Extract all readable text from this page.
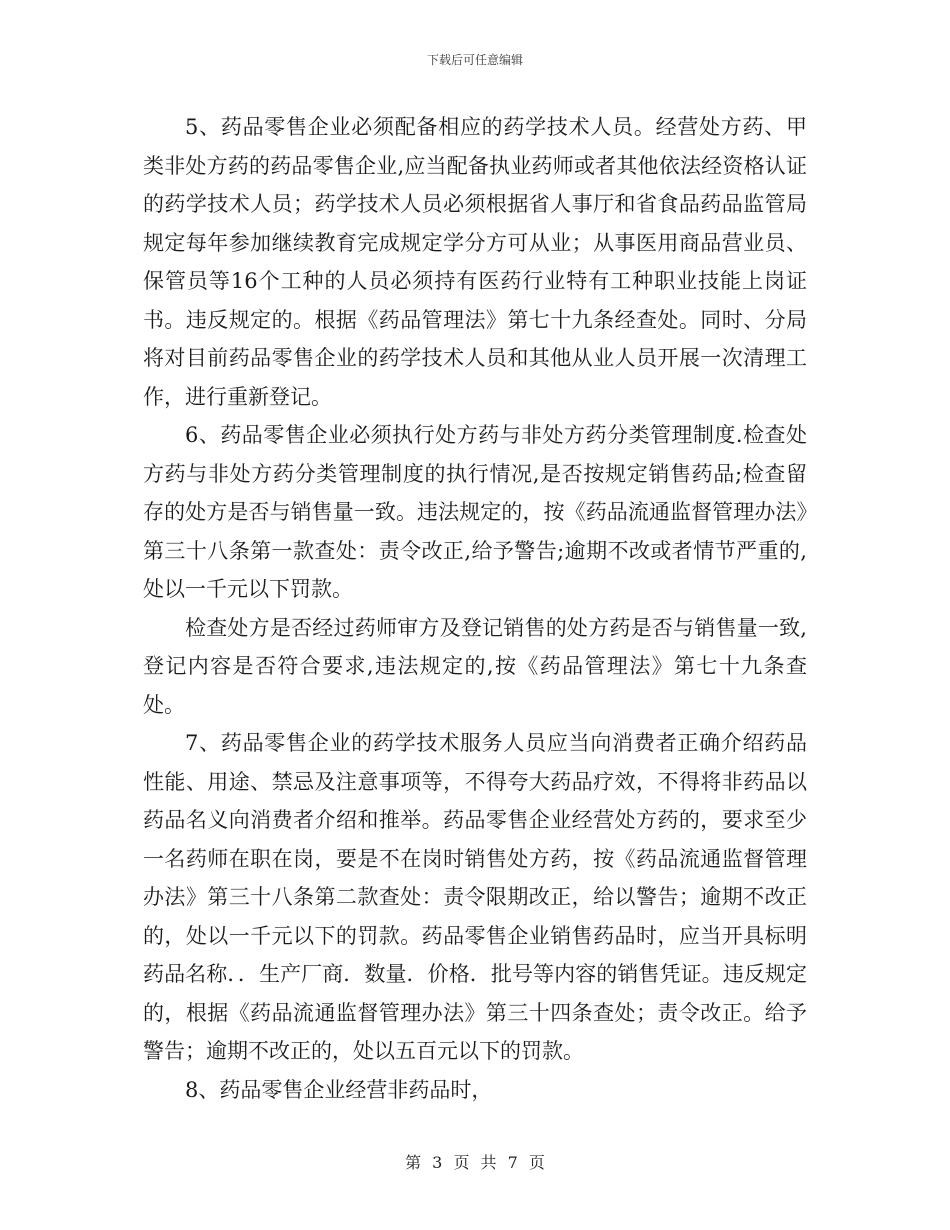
下载后可任意编辑

5、药品零售企业必须配备相应的药学技术人员。经营处方药、甲类非处方药的药品零售企业,应当配备执业药师或者其他依法经资格认证的药学技术人员；药学技术人员必须根据省人事厅和省食品药品监管局规定每年参加继续教育完成规定学分方可从业；从事医用商品营业员、保管员等16个工种的人员必须持有医药行业特有工种职业技能上岗证书。违反规定的。根据《药品管理法》第七十九条经查处。同时、分局将对目前药品零售企业的药学技术人员和其他从业人员开展一次清理工作，进行重新登记。

6、药品零售企业必须执行处方药与非处方药分类管理制度.检查处方药与非处方药分类管理制度的执行情况,是否按规定销售药品;检查留存的处方是否与销售量一致。违法规定的，按《药品流通监督管理办法》第三十八条第一款查处：责令改正,给予警告;逾期不改或者情节严重的,处以一千元以下罚款。

检查处方是否经过药师审方及登记销售的处方药是否与销售量一致,登记内容是否符合要求,违法规定的,按《药品管理法》第七十九条查处。

7、药品零售企业的药学技术服务人员应当向消费者正确介绍药品性能、用途、禁忌及注意事项等，不得夸大药品疗效，不得将非药品以药品名义向消费者介绍和推举。药品零售企业经营处方药的，要求至少一名药师在职在岗，要是不在岗时销售处方药，按《药品流通监督管理办法》第三十八条第二款查处：责令限期改正，给以警告；逾期不改正的，处以一千元以下的罚款。药品零售企业销售药品时，应当开具标明药品名称．．生产厂商．数量．价格．批号等内容的销售凭证。违反规定的，根据《药品流通监督管理办法》第三十四条查处；责令改正。给予警告；逾期不改正的，处以五百元以下的罚款。

8、药品零售企业经营非药品时，

第 3 页 共 7 页
